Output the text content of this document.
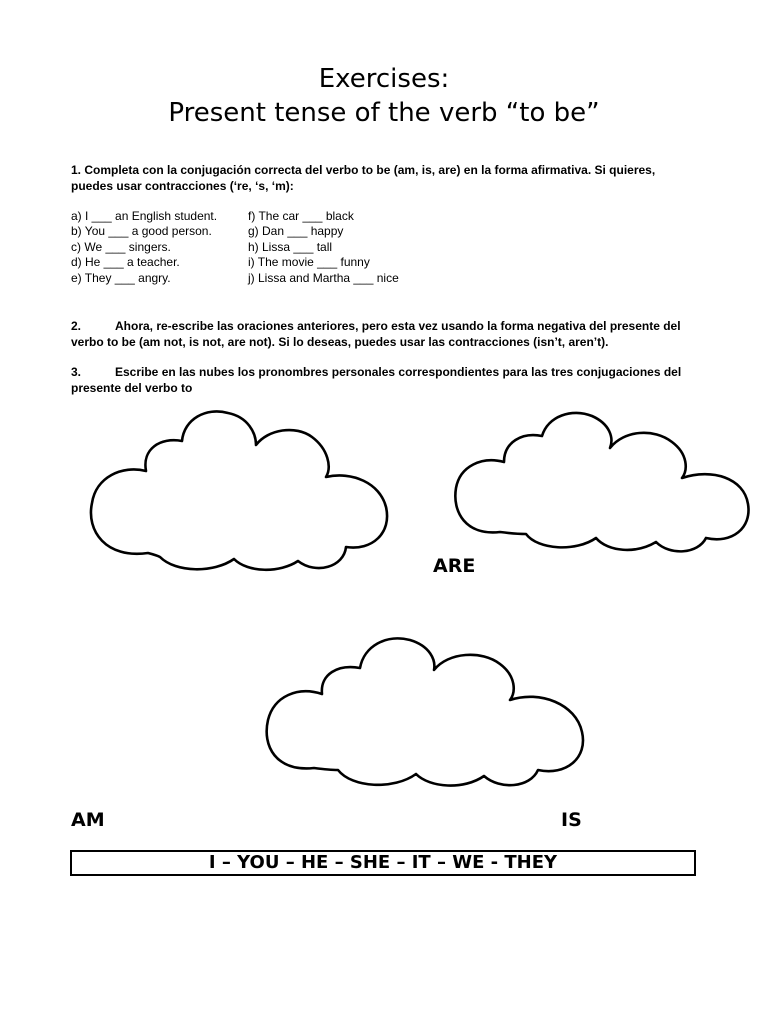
Exercises:
Present tense of the verb “to be”
1. Completa con la conjugación correcta del verbo to be (am, is, are) en la forma afirmativa. Si quieres,
puedes usar contracciones (‘re, ‘s, ‘m):
a) I ___ an English student.
b) You ___ a good person.
c) We ___ singers.
d) He ___ a teacher.
e) They ___ angry.
f) The car ___ black
g) Dan ___ happy
h) Lissa ___ tall
i) The movie ___ funny
j) Lissa and Martha ___ nice
2.	Ahora, re-escribe las oraciones anteriores, pero esta vez usando la forma negativa del presente del
verbo to be (am not, is not, are not). Si lo deseas, puedes usar las contracciones (isn’t, aren’t).
3.	Escribe en las nubes los pronombres personales correspondientes para las tres conjugaciones del
presente del verbo to
ARE
AM	IS
I – YOU – HE – SHE – IT – WE - THEY
